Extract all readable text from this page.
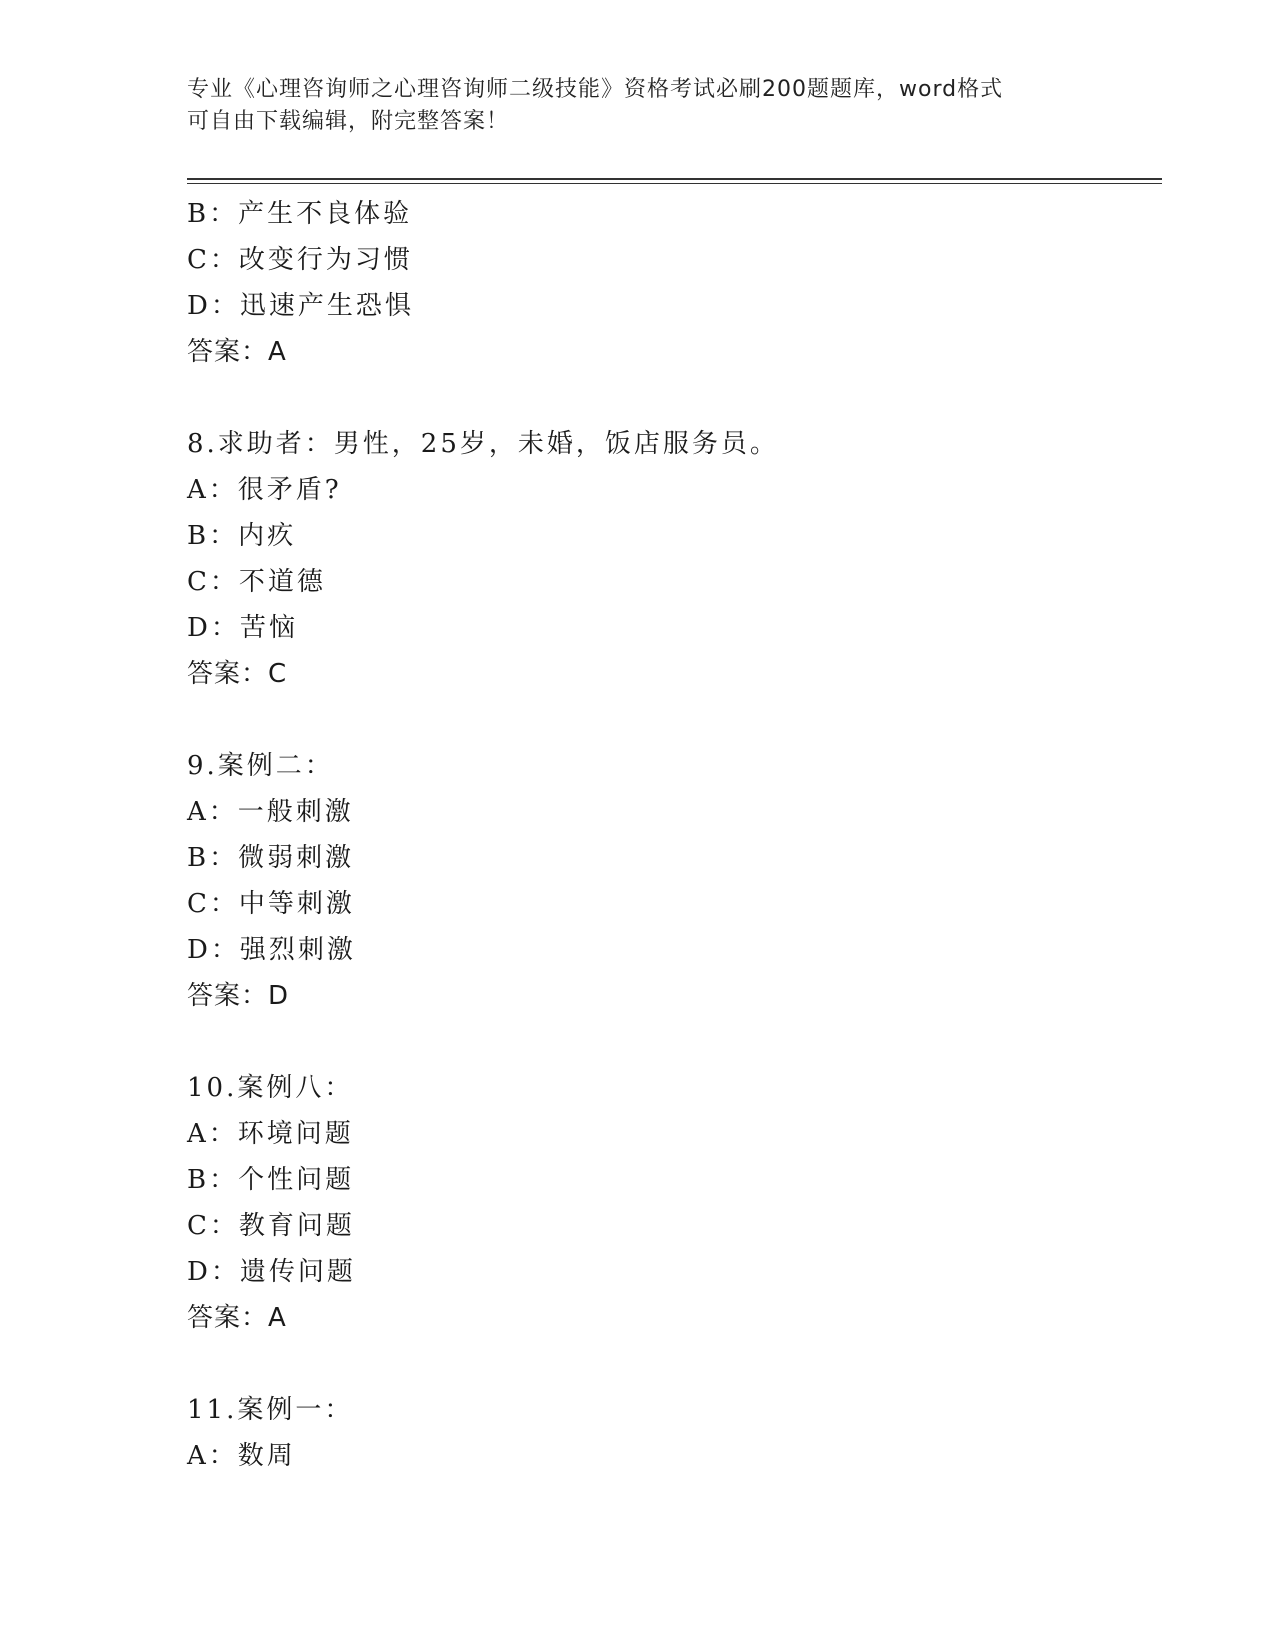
专业《心理咨询师之心理咨询师二级技能》资格考试必刷200题题库，word格式
可自由下载编辑，附完整答案！
B：产生不良体验
C：改变行为习惯
D：迅速产生恐惧
答案：A
8.求助者：男性，25岁，未婚，饭店服务员。
A：很矛盾?
B：内疚
C：不道德
D：苦恼
答案：C
9.案例二：
A：一般刺激
B：微弱刺激
C：中等刺激
D：强烈刺激
答案：D
10.案例八：
A：环境问题
B：个性问题
C：教育问题
D：遗传问题
答案：A
11.案例一：
A：数周
